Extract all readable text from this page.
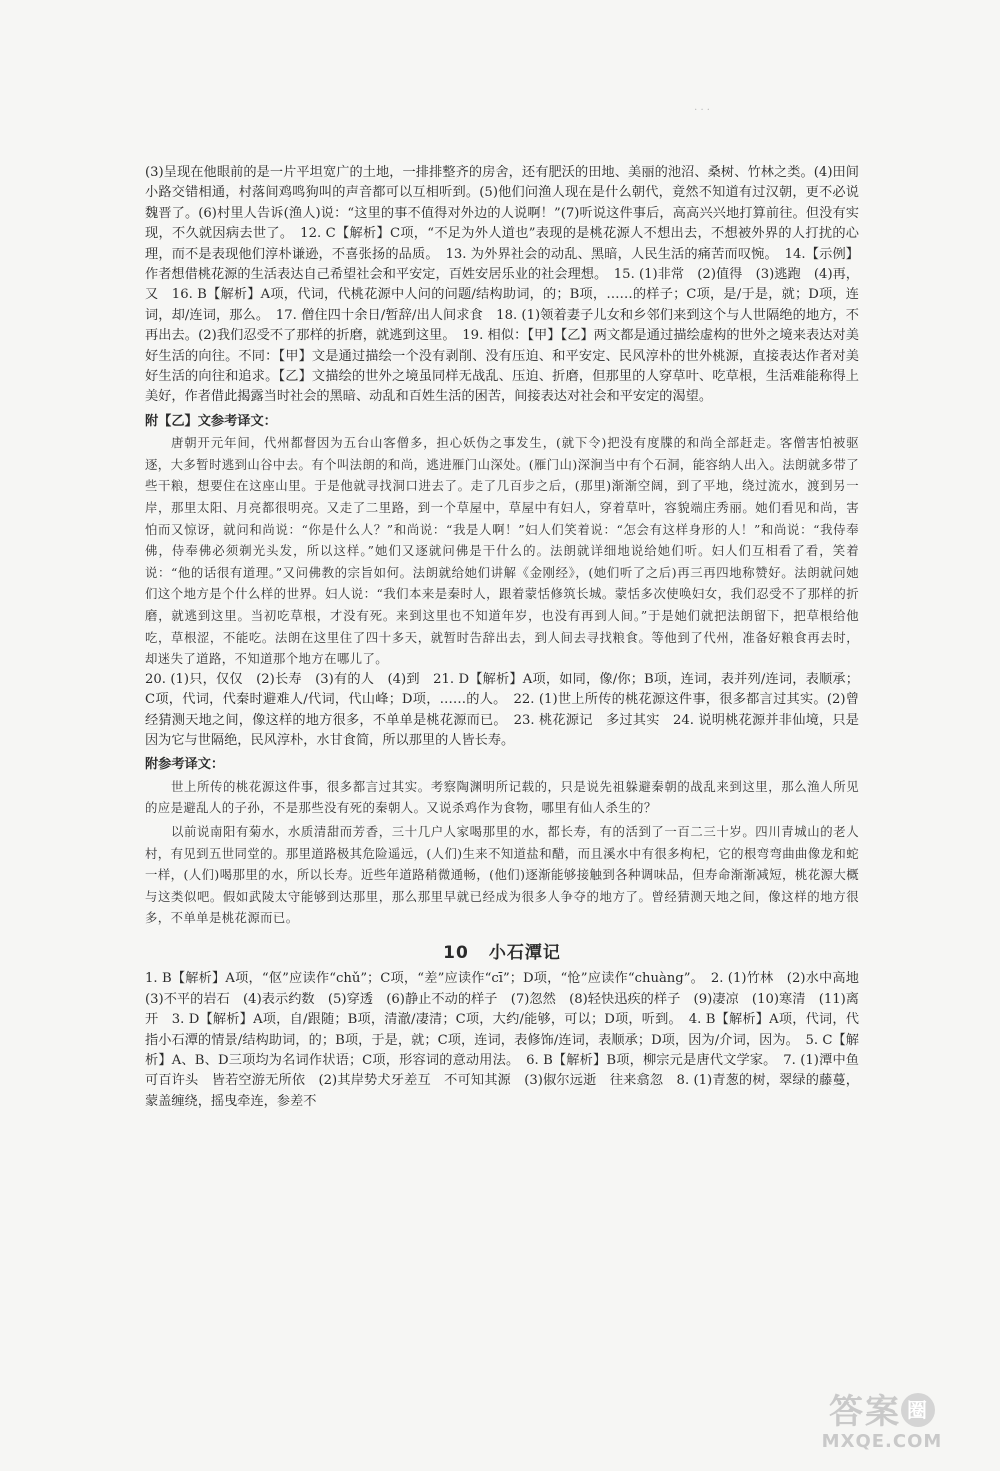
· · ·

(3)呈现在他眼前的是一片平坦宽广的土地，一排排整齐的房舍，还有肥沃的田地、美丽的池沼、桑树、竹林之类。(4)田间小路交错相通，村落间鸡鸣狗叫的声音都可以互相听到。(5)他们问渔人现在是什么朝代，竟然不知道有过汉朝，更不必说魏晋了。(6)村里人告诉(渔人)说：“这里的事不值得对外边的人说啊！”(7)听说这件事后，高高兴兴地打算前往。但没有实现，不久就因病去世了。　12. C【解析】C项，“不足为外人道也”表现的是桃花源人不想出去，不想被外界的人打扰的心理，而不是表现他们淳朴谦逊，不喜张扬的品质。　13. 为外界社会的动乱、黑暗，人民生活的痛苦而叹惋。　14.【示例】作者想借桃花源的生活表达自己希望社会和平安定，百姓安居乐业的社会理想。　15. (1)非常　(2)值得　(3)逃跑　(4)再，又　16. B【解析】A项，代词，代桃花源中人问的问题/结构助词，的；B项，……的样子；C项，是/于是，就；D项，连词，却/连词，那么。　17. 僧住四十余日/暂辞/出人间求食　18. (1)领着妻子儿女和乡邻们来到这个与人世隔绝的地方，不再出去。(2)我们忍受不了那样的折磨，就逃到这里。　19. 相似：【甲】【乙】两文都是通过描绘虚构的世外之境来表达对美好生活的向往。不同：【甲】文是通过描绘一个没有剥削、没有压迫、和平安定、民风淳朴的世外桃源，直接表达作者对美好生活的向往和追求。【乙】文描绘的世外之境虽同样无战乱、压迫、折磨，但那里的人穿草叶、吃草根，生活难能称得上美好，作者借此揭露当时社会的黑暗、动乱和百姓生活的困苦，间接表达对社会和平安定的渴望。

附【乙】文参考译文：

唐朝开元年间，代州都督因为五台山客僧多，担心妖伪之事发生，(就下令)把没有度牒的和尚全部赶走。客僧害怕被驱逐，大多暂时逃到山谷中去。有个叫法朗的和尚，逃进雁门山深处。(雁门山)深涧当中有个石洞，能容纳人出入。法朗就多带了些干粮，想要住在这座山里。于是他就寻找洞口进去了。走了几百步之后，(那里)渐渐空阔，到了平地，绕过流水，渡到另一岸，那里太阳、月亮都很明亮。又走了二里路，到一个草屋中，草屋中有妇人，穿着草叶，容貌端庄秀丽。她们看见和尚，害怕而又惊讶，就问和尚说：“你是什么人？”和尚说：“我是人啊！”妇人们笑着说：“怎会有这样身形的人！”和尚说：“我侍奉佛，侍奉佛必须剃光头发，所以这样。”她们又逐就问佛是干什么的。法朗就详细地说给她们听。妇人们互相看了看，笑着说：“他的话很有道理。”又问佛教的宗旨如何。法朗就给她们讲解《金刚经》，(她们听了之后)再三再四地称赞好。法朗就问她们这个地方是个什么样的世界。妇人说：“我们本来是秦时人，跟着蒙恬修筑长城。蒙恬多次使唤妇女，我们忍受不了那样的折磨，就逃到这里。当初吃草根，才没有死。来到这里也不知道年岁，也没有再到人间。”于是她们就把法朗留下，把草根给他吃，草根涩，不能吃。法朗在这里住了四十多天，就暂时告辞出去，到人间去寻找粮食。等他到了代州，准备好粮食再去时，却迷失了道路，不知道那个地方在哪儿了。

20. (1)只，仅仅　(2)长寿　(3)有的人　(4)到　21. D【解析】A项，如同，像/你；B项，连词，表并列/连词，表顺承；C项，代词，代秦时避难人/代词，代山峰；D项，……的人。　22. (1)世上所传的桃花源这件事，很多都言过其实。(2)曾经猜测天地之间，像这样的地方很多，不单单是桃花源而已。　23. 桃花源记　多过其实　24. 说明桃花源并非仙境，只是因为它与世隔绝，民风淳朴，水甘食简，所以那里的人皆长寿。

附参考译文：

世上所传的桃花源这件事，很多都言过其实。考察陶渊明所记载的，只是说先祖躲避秦朝的战乱来到这里，那么渔人所见的应是避乱人的子孙，不是那些没有死的秦朝人。又说杀鸡作为食物，哪里有仙人杀生的？

以前说南阳有菊水，水质清甜而芳香，三十几户人家喝那里的水，都长寿，有的活到了一百二三十岁。四川青城山的老人村，有见到五世同堂的。那里道路极其危险遥远，(人们)生来不知道盐和醋，而且溪水中有很多枸杞，它的根弯弯曲曲像龙和蛇一样，(人们)喝那里的水，所以长寿。近些年道路稍微通畅，(他们)逐渐能够接触到各种调味品，但寿命渐渐减短，桃花源大概与这类似吧。假如武陵太守能够到达那里，那么那里早就已经成为很多人争夺的地方了。曾经猜测天地之间，像这样的地方很多，不单单是桃花源而已。

10 小石潭记

1. B【解析】A项，“伛”应读作“chǔ”；C项，“差”应读作“cī”；D项，“怆”应读作“chuàng”。　2. (1)竹林　(2)水中高地　(3)不平的岩石　(4)表示约数　(5)穿透　(6)静止不动的样子　(7)忽然　(8)轻快迅疾的样子　(9)凄凉　(10)寒清　(11)离开　3. D【解析】A项，自/跟随；B项，清澈/凄清；C项，大约/能够，可以；D项，听到。　4. B【解析】A项，代词，代指小石潭的情景/结构助词，的；B项，于是，就；C项，连词，表修饰/连词，表顺承；D项，因为/介词，因为。　5. C【解析】A、B、D三项均为名词作状语；C项，形容词的意动用法。　6. B【解析】B项，柳宗元是唐代文学家。　7. (1)潭中鱼可百许头　皆若空游无所依　(2)其岸势犬牙差互　不可知其源　(3)俶尔远逝　往来翕忽　8. (1)青葱的树，翠绿的藤蔓，蒙盖缠绕，摇曳牵连，参差不

答案 圈
MXQE.COM
